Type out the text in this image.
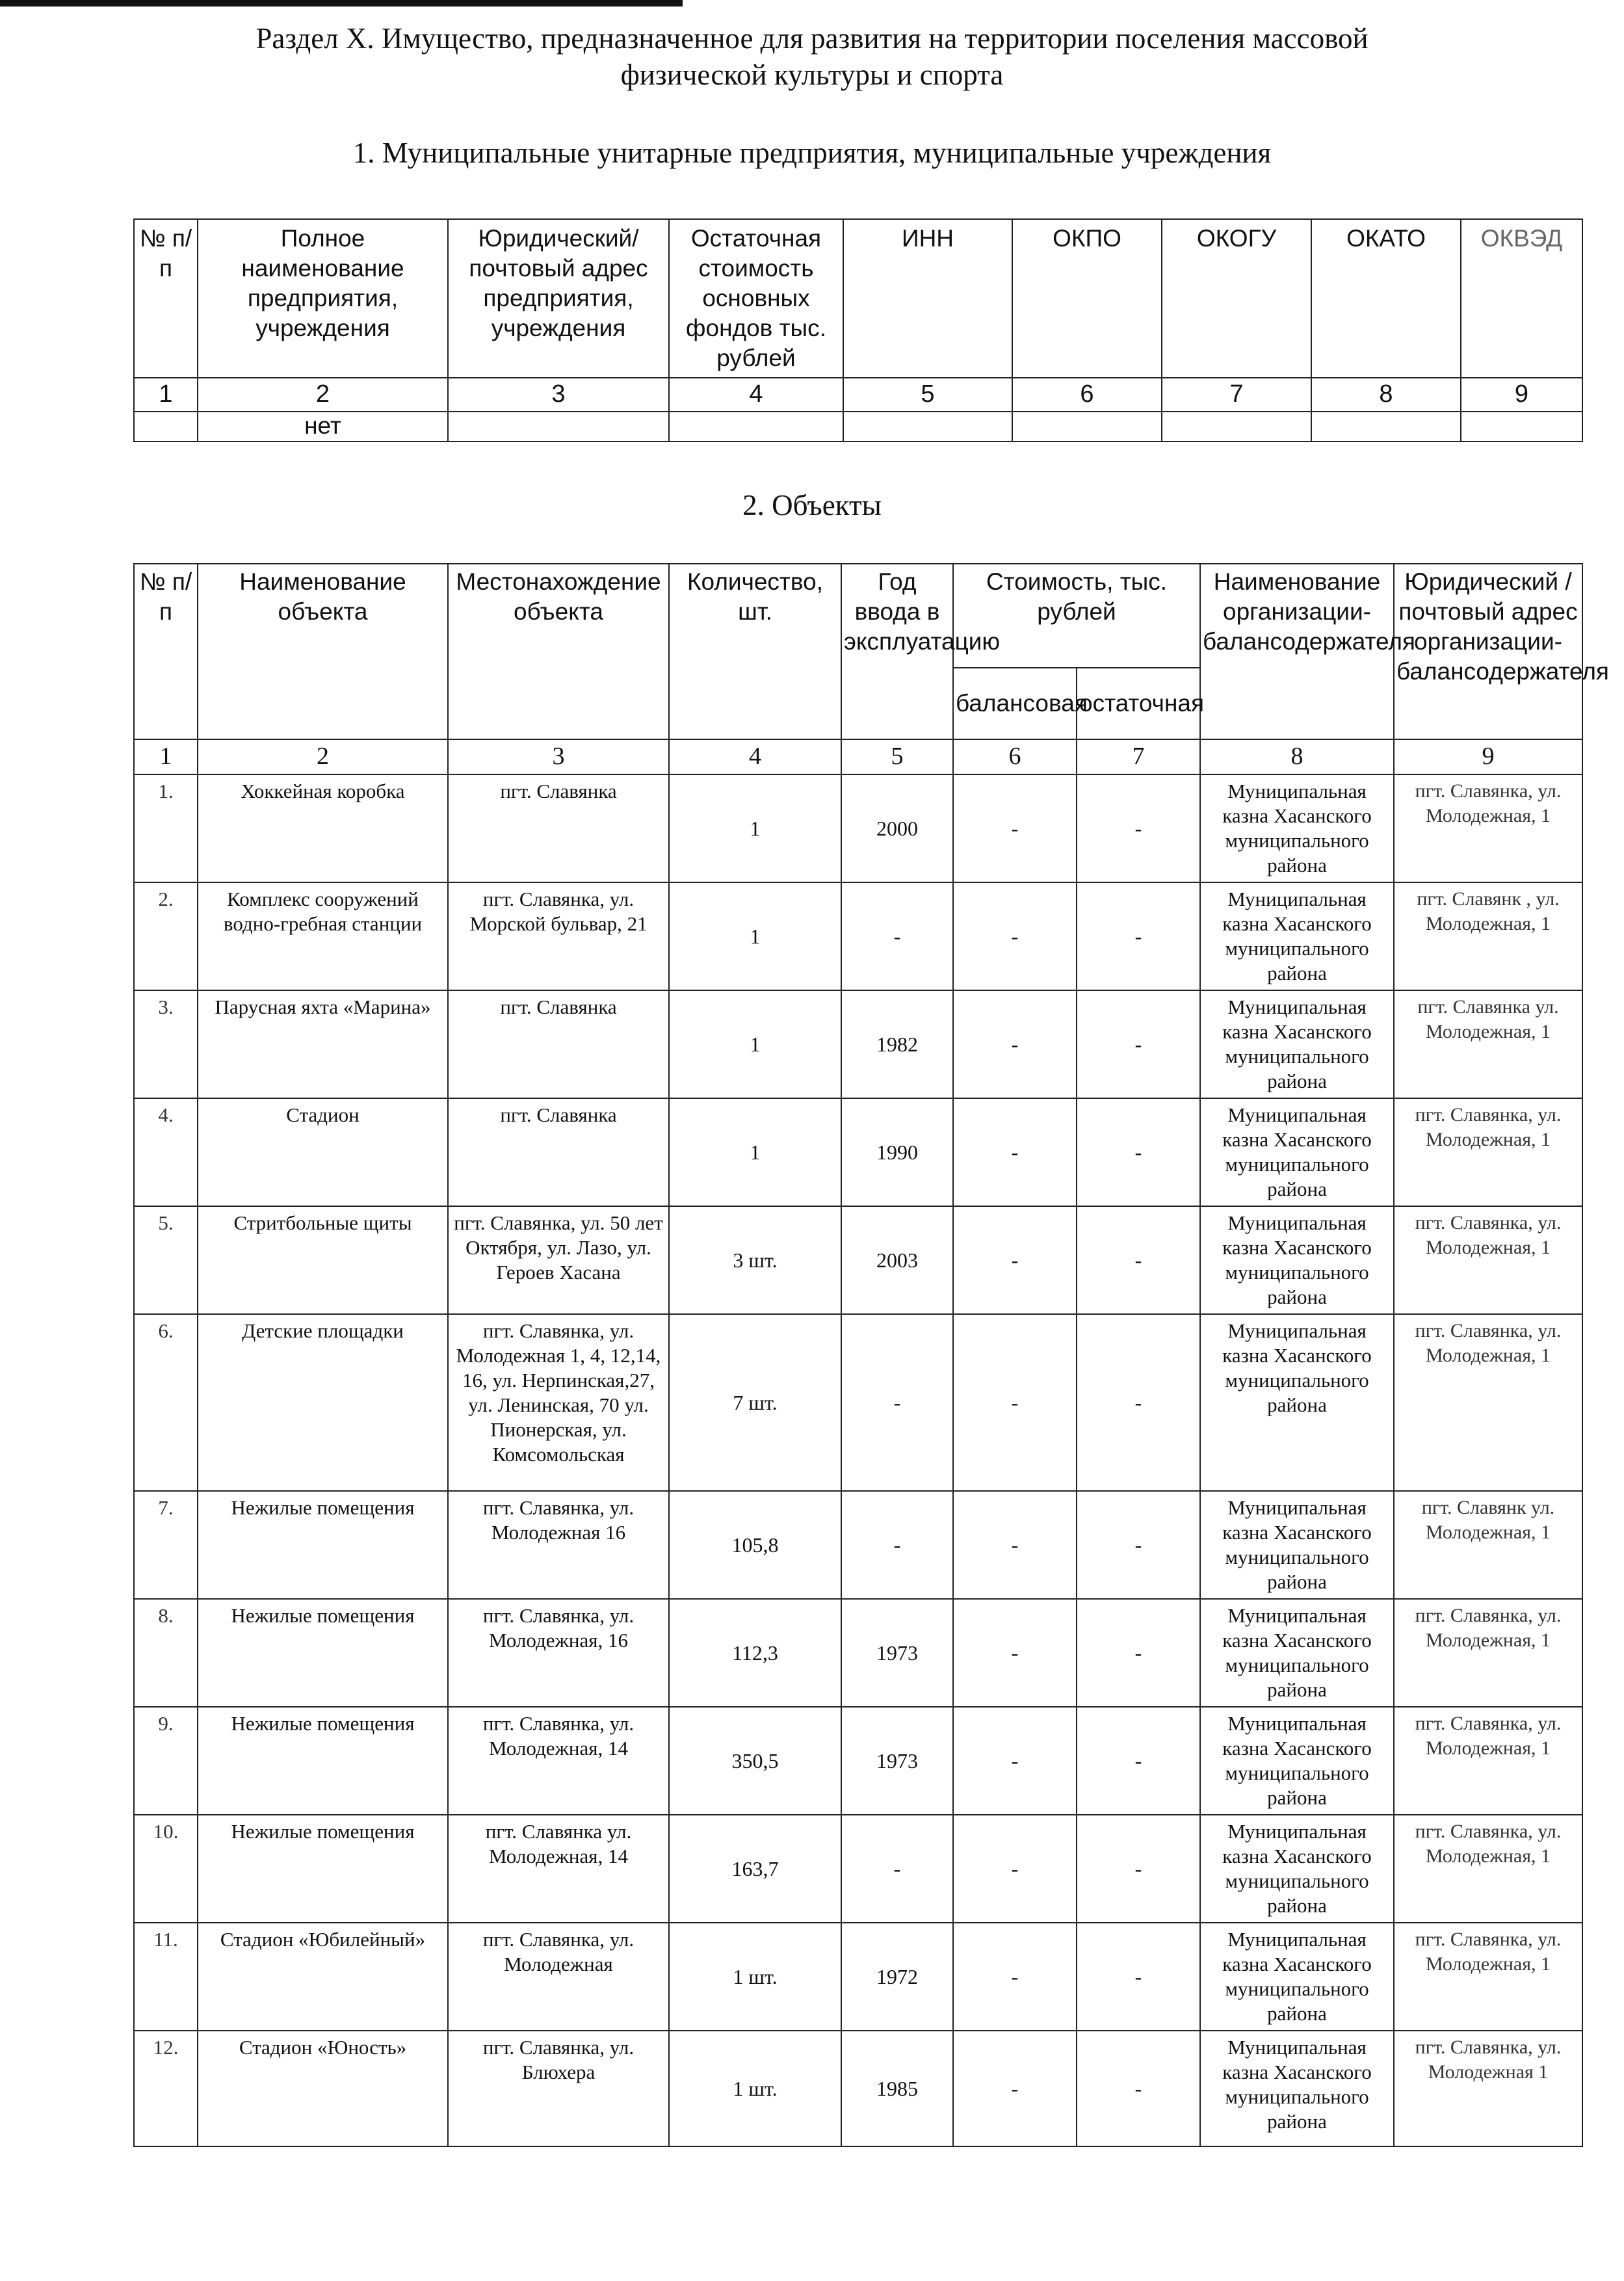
Раздел X. Имущество, предназначенное для развития на территории поселения массовой
физической культуры и спорта
1. Муниципальные унитарные предприятия, муниципальные учреждения
№ п/ п	Полное наименование предприятия, учреждения	Юридический/почтовый адрес предприятия, учреждения	Остаточная стоимость основных фондов тыс. рублей	ИНН	ОКПО	ОКОГУ	ОКАТО	ОКВЭД
1	2	3	4	5	6	7	8	9
	нет							
2. Объекты
№ п/ п	Наименование объекта	Местонахождение объекта	Количество, шт.	Год ввода в эксплуатацию	Стоимость, тыс. рублей		Наименование организации-балансодержателя	Юридический / почтовый адрес организации-балансодержателя
					балансовая	остаточная		
1	2	3	4	5	6	7	8	9
1.	Хоккейная коробка	пгт. Славянка	1	2000	-	-	Муниципальная казна Хасанского муниципального района	пгт. Славянка, ул. Молодежная, 1
2.	Комплекс сооружений водно-гребная станции	пгт. Славянка, ул. Морской бульвар, 21	1	-	-	-	Муниципальная казна Хасанского муниципального района	пгт. Славянк , ул. Молодежная, 1
3.	Парусная яхта «Марина»	пгт. Славянка	1	1982	-	-	Муниципальная казна Хасанского муниципального района	пгт. Славянка ул. Молодежная, 1
4.	Стадион	пгт. Славянка	1	1990	-	-	Муниципальная казна Хасанского муниципального района	пгт. Славянка, ул. Молодежная, 1
5.	Стритбольные щиты	пгт. Славянка, ул. 50 лет Октября, ул. Лазо, ул. Героев Хасана	3 шт.	2003	-	-	Муниципальная казна Хасанского муниципального района	пгт. Славянка, ул. Молодежная, 1
6.	Детские площадки	пгт. Славянка, ул. Молодежная 1, 4, 12,14, 16, ул. Нерпинская,27, ул. Ленинская, 70 ул. Пионерская, ул. Комсомольская	7 шт.	-	-	-	Муниципальная казна Хасанского муниципального района	пгт. Славянка, ул. Молодежная, 1
7.	Нежилые помещения	пгт. Славянка, ул. Молодежная 16	105,8	-	-	-	Муниципальная казна Хасанского муниципального района	пгт. Славянк ул. Молодежная, 1
8.	Нежилые помещения	пгт. Славянка, ул. Молодежная, 16	112,3	1973	-	-	Муниципальная казна Хасанского муниципального района	пгт. Славянка, ул. Молодежная, 1
9.	Нежилые помещения	пгт. Славянка, ул. Молодежная, 14	350,5	1973	-	-	Муниципальная казна Хасанского муниципального района	пгт. Славянка, ул. Молодежная, 1
10.	Нежилые помещения	пгт. Славянка ул. Молодежная, 14	163,7	-	-	-	Муниципальная казна Хасанского муниципального района	пгт. Славянка, ул. Молодежная, 1
11.	Стадион «Юбилейный»	пгт. Славянка, ул. Молодежная	1 шт.	1972	-	-	Муниципальная казна Хасанского муниципального района	пгт. Славянка, ул. Молодежная, 1
12.	Стадион «Юность»	пгт. Славянка, ул. Блюхера	1 шт.	1985	-	-	Муниципальная казна Хасанского муниципального района	пгт. Славянка, ул. Молодежная 1
